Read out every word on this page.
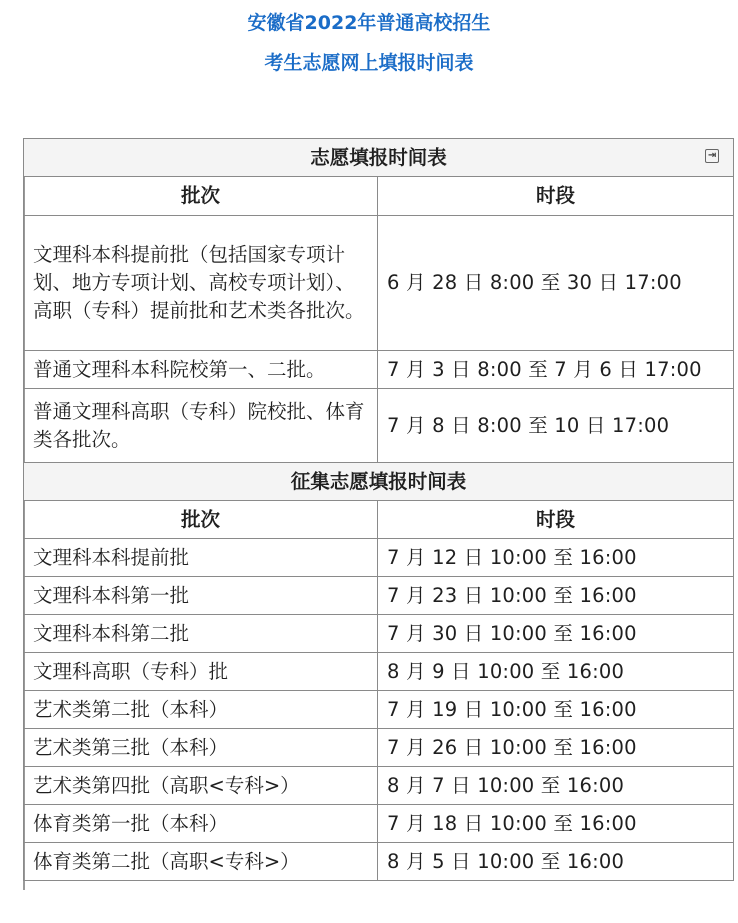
安徽省2022年普通高校招生
考生志愿网上填报时间表
志愿填报时间表 ⇥	

批次	时段
文理科本科提前批（包括国家专项计划、地方专项计划、高校专项计划）、高职（专科）提前批和艺术类各批次。	6 月 28 日 8:00 至 30 日 17:00
普通文理科本科院校第一、二批。	7 月 3 日 8:00 至 7 月 6 日 17:00
普通文理科高职（专科）院校批、体育类各批次。	7 月 8 日 8:00 至 10 日 17:00
征集志愿填报时间表	
批次	时段
文理科本科提前批	7 月 12 日 10:00 至 16:00
文理科本科第一批	7 月 23 日 10:00 至 16:00
文理科本科第二批	7 月 30 日 10:00 至 16:00
文理科高职（专科）批	8 月 9 日 10:00 至 16:00
艺术类第二批（本科）	7 月 19 日 10:00 至 16:00
艺术类第三批（本科）	7 月 26 日 10:00 至 16:00
艺术类第四批（高职<专科>）	8 月 7 日 10:00 至 16:00
体育类第一批（本科）	7 月 18 日 10:00 至 16:00
体育类第二批（高职<专科>）	8 月 5 日 10:00 至 16:00
